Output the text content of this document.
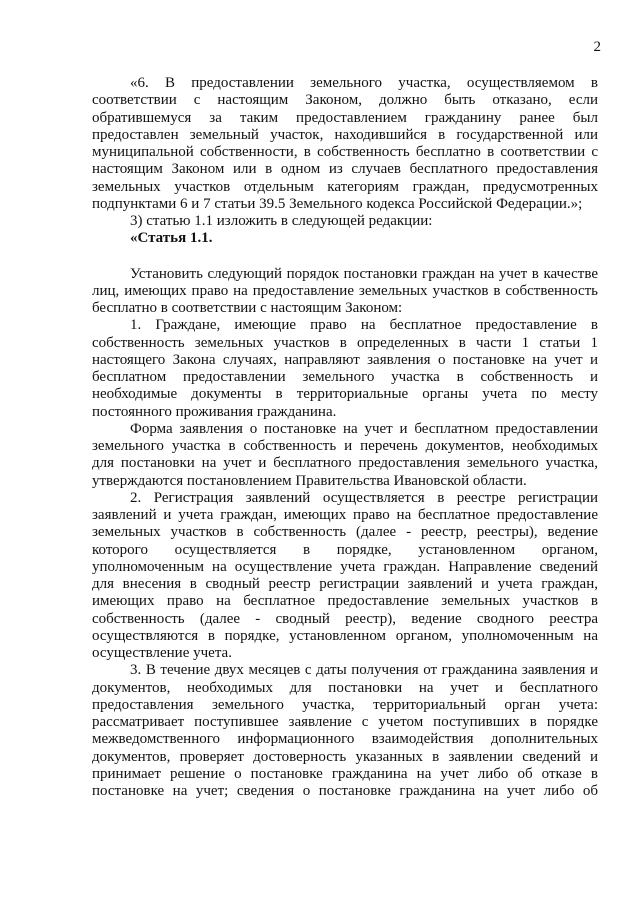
2
«6. В предоставлении земельного участка, осуществляемом в
соответствии с настоящим Законом, должно быть отказано, если
обратившемуся за таким предоставлением гражданину ранее был
предоставлен земельный участок, находившийся в государственной или
муниципальной собственности, в собственность бесплатно в соответствии с
настоящим Законом или в одном из случаев бесплатного предоставления
земельных участков отдельным категориям граждан, предусмотренных
подпунктами 6 и 7 статьи 39.5 Земельного кодекса Российской Федерации.»;
3) статью 1.1 изложить в следующей редакции:
«Статья 1.1.
Установить следующий порядок постановки граждан на учет в качестве
лиц, имеющих право на предоставление земельных участков в собственность
бесплатно в соответствии с настоящим Законом:
1. Граждане, имеющие право на бесплатное предоставление в
собственность земельных участков в определенных в части 1 статьи 1
настоящего Закона случаях, направляют заявления о постановке на учет и
бесплатном предоставлении земельного участка в собственность и
необходимые документы в территориальные органы учета по месту
постоянного проживания гражданина.
Форма заявления о постановке на учет и бесплатном предоставлении
земельного участка в собственность и перечень документов, необходимых
для постановки на учет и бесплатного предоставления земельного участка,
утверждаются постановлением Правительства Ивановской области.
2. Регистрация заявлений осуществляется в реестре регистрации
заявлений и учета граждан, имеющих право на бесплатное предоставление
земельных участков в собственность (далее - реестр, реестры), ведение
которого осуществляется в порядке, установленном органом,
уполномоченным на осуществление учета граждан. Направление сведений
для внесения в сводный реестр регистрации заявлений и учета граждан,
имеющих право на бесплатное предоставление земельных участков в
собственность (далее - сводный реестр), ведение сводного реестра
осуществляются в порядке, установленном органом, уполномоченным на
осуществление учета.
3. В течение двух месяцев с даты получения от гражданина заявления и
документов, необходимых для постановки на учет и бесплатного
предоставления земельного участка, территориальный орган учета:
рассматривает поступившее заявление с учетом поступивших в порядке
межведомственного информационного взаимодействия дополнительных
документов, проверяет достоверность указанных в заявлении сведений и
принимает решение о постановке гражданина на учет либо об отказе в
постановке на учет; сведения о постановке гражданина на учет либо об
